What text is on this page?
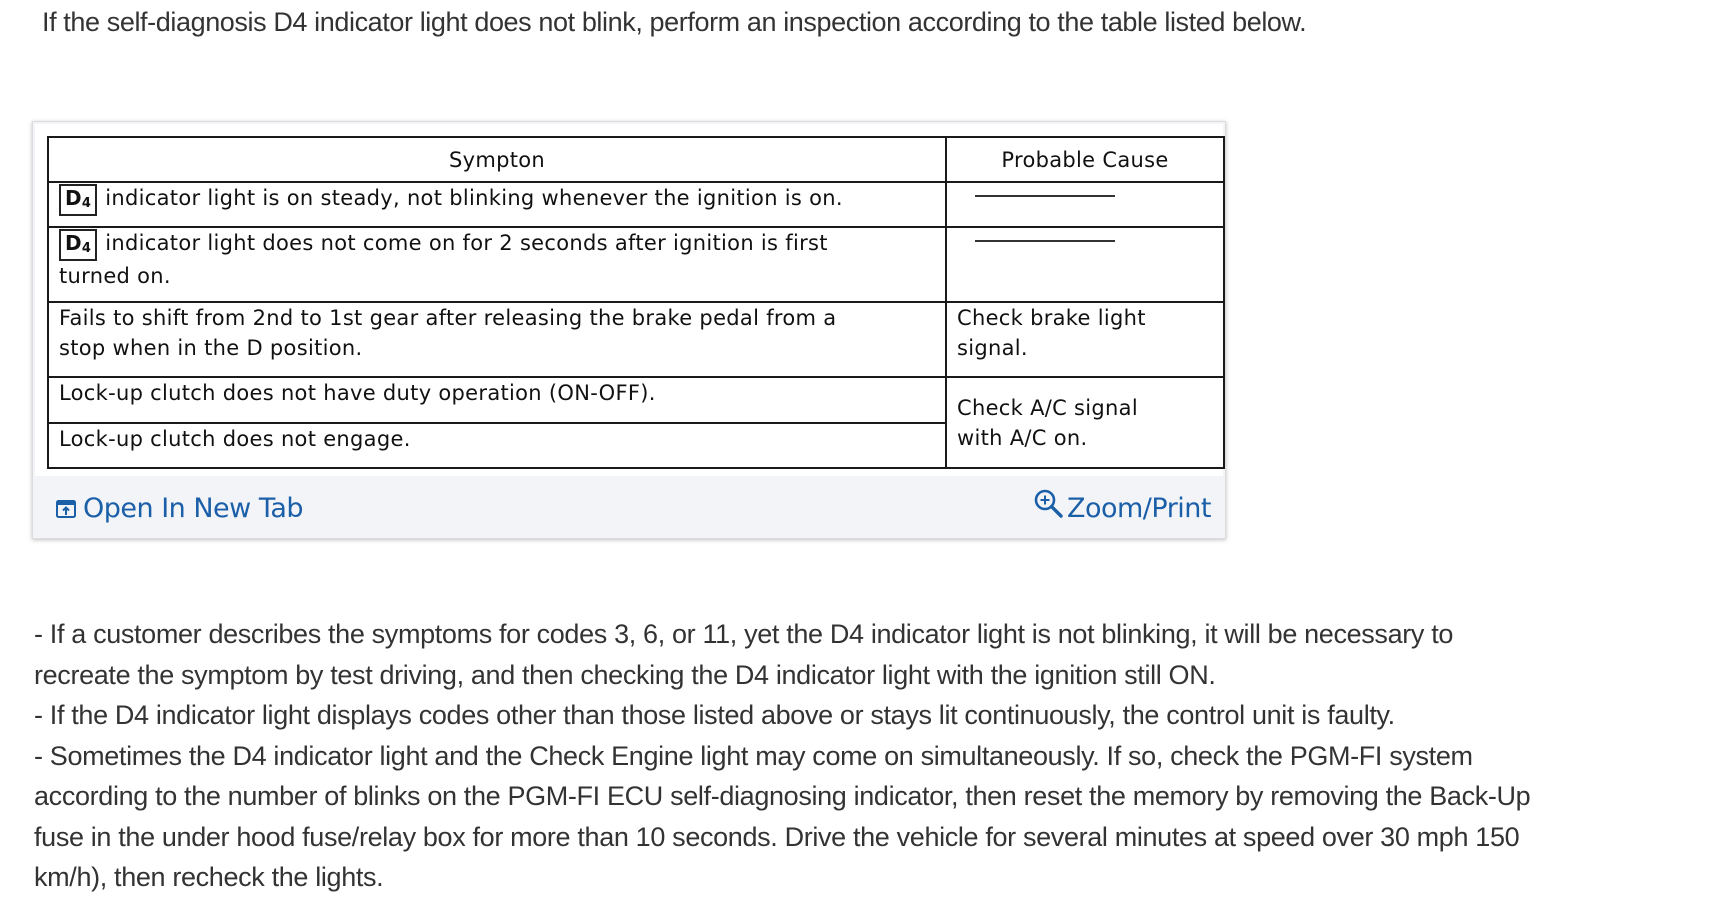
If the self-diagnosis D4 indicator light does not blink, perform an inspection according to the table listed below.

Sympton	Probable Cause
$D_4$ indicator light is on steady, not blinking whenever the ignition is on.	
$D_4$ indicator light does not come on for 2 seconds after ignition is first
turned on.	
Fails to shift from 2nd to 1st gear after releasing the brake pedal from a
stop when in the D position.	Check brake light
signal.
Lock-up clutch does not have duty operation (ON-OFF).	Check A/C signal
with A/C on.
Lock-up clutch does not engage.	
Open In New Tab	Zoom/Print
- If a customer describes the symptoms for codes 3, 6, or 11, yet the D4 indicator light is not blinking, it will be necessary to
recreate the symptom by test driving, and then checking the D4 indicator light with the ignition still ON.
- If the D4 indicator light displays codes other than those listed above or stays lit continuously, the control unit is faulty.
- Sometimes the D4 indicator light and the Check Engine light may come on simultaneously. If so, check the PGM-FI system
according to the number of blinks on the PGM-FI ECU self-diagnosing indicator, then reset the memory by removing the Back-Up
fuse in the under hood fuse/relay box for more than 10 seconds. Drive the vehicle for several minutes at speed over 30 mph 150
km/h), then recheck the lights.
